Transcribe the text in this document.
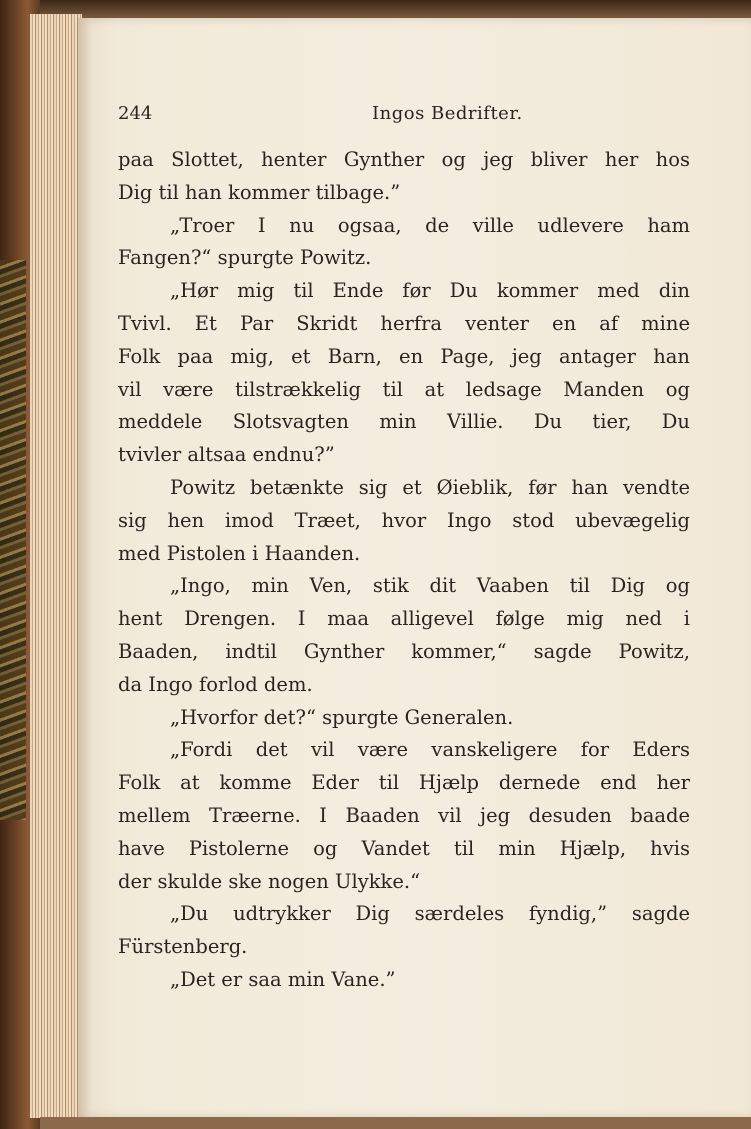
244	Ingos Bedrifter.
paa Slottet, henter Gynther og jeg bliver her hos
Dig til han kommer tilbage.”
„Troer I nu ogsaa, de ville udlevere ham
Fangen?“ spurgte Powitz.
„Hør mig til Ende før Du kommer med din
Tvivl. Et Par Skridt herfra venter en af mine
Folk paa mig, et Barn, en Page, jeg antager han
vil være tilstrækkelig til at ledsage Manden og
meddele Slotsvagten min Villie. Du tier, Du
tvivler altsaa endnu?”
Powitz betænkte sig et Øieblik, før han vendte
sig hen imod Træet, hvor Ingo stod ubevægelig
med Pistolen i Haanden.
„Ingo, min Ven, stik dit Vaaben til Dig og
hent Drengen. I maa alligevel følge mig ned i
Baaden, indtil Gynther kommer,“ sagde Powitz,
da Ingo forlod dem.
„Hvorfor det?“ spurgte Generalen.
„Fordi det vil være vanskeligere for Eders
Folk at komme Eder til Hjælp dernede end her
mellem Træerne. I Baaden vil jeg desuden baade
have Pistolerne og Vandet til min Hjælp, hvis
der skulde ske nogen Ulykke.“
„Du udtrykker Dig særdeles fyndig,” sagde
Fürstenberg.
„Det er saa min Vane.”
